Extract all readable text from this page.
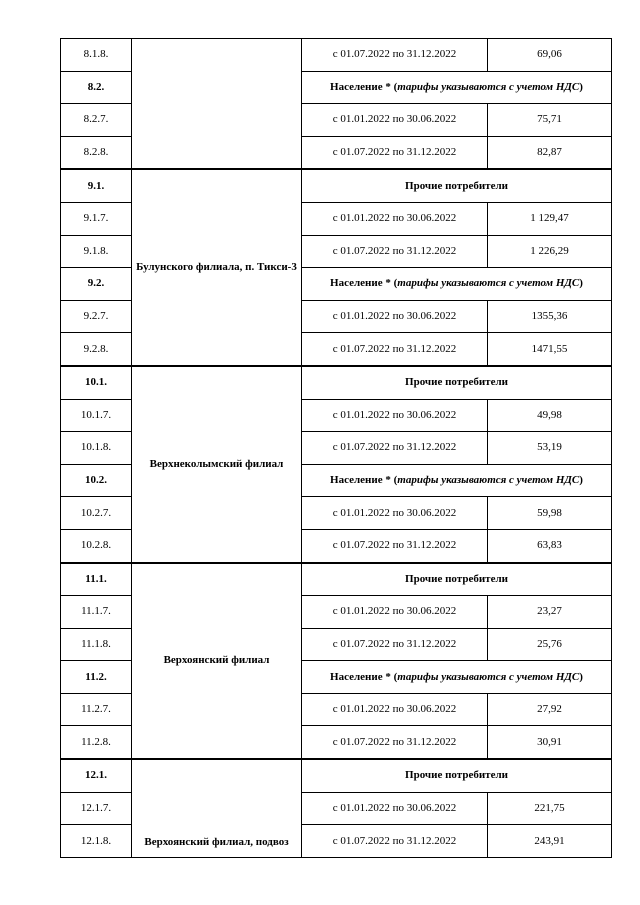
8.1.8.		с 01.07.2022 по 31.12.2022	69,06
8.2.		Население * (тарифы указываются с учетом НДС)	
8.2.7.		с 01.01.2022 по 30.06.2022	75,71
8.2.8.		с 01.07.2022 по 31.12.2022	82,87
9.1.	Булунского филиала, п. Тикси-3	Прочие потребители	
9.1.7.		с 01.01.2022 по 30.06.2022	1 129,47
9.1.8.		с 01.07.2022 по 31.12.2022	1 226,29
9.2.		Население * (тарифы указываются с учетом НДС)	
9.2.7.		с 01.01.2022 по 30.06.2022	1355,36
9.2.8.		с 01.07.2022 по 31.12.2022	1471,55
10.1.	Верхнеколымский филиал	Прочие потребители	
10.1.7.		с 01.01.2022 по 30.06.2022	49,98
10.1.8.		с 01.07.2022 по 31.12.2022	53,19
10.2.		Население * (тарифы указываются с учетом НДС)	
10.2.7.		с 01.01.2022 по 30.06.2022	59,98
10.2.8.		с 01.07.2022 по 31.12.2022	63,83
11.1.	Верхоянский филиал	Прочие потребители	
11.1.7.		с 01.01.2022 по 30.06.2022	23,27
11.1.8.		с 01.07.2022 по 31.12.2022	25,76
11.2.		Население * (тарифы указываются с учетом НДС)	
11.2.7.		с 01.01.2022 по 30.06.2022	27,92
11.2.8.		с 01.07.2022 по 31.12.2022	30,91
12.1.	Верхоянский филиал, подвоз	Прочие потребители	
12.1.7.		с 01.01.2022 по 30.06.2022	221,75
12.1.8.		с 01.07.2022 по 31.12.2022	243,91
